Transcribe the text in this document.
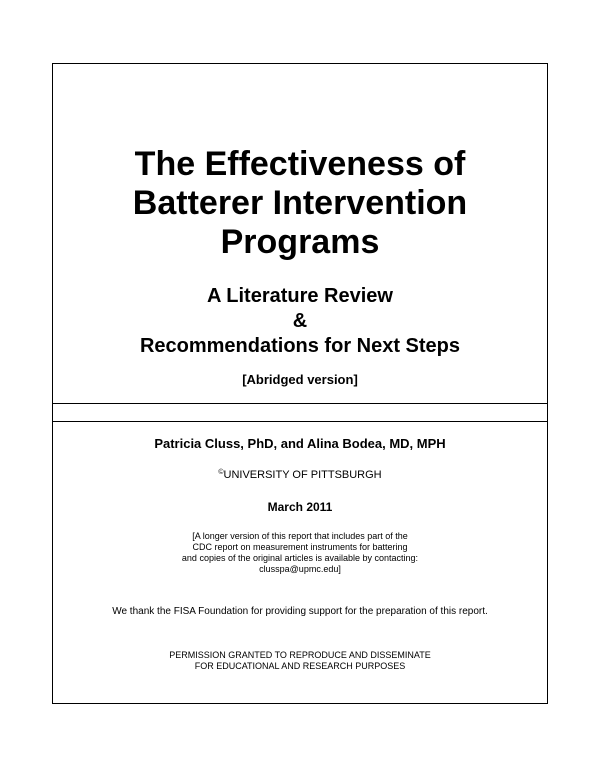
The Effectiveness of
Batterer Intervention
Programs
A Literature Review
&
Recommendations for Next Steps
[Abridged version]
Patricia Cluss, PhD, and Alina Bodea, MD, MPH
©UNIVERSITY OF PITTSBURGH
March 2011
[A longer version of this report that includes part of the
CDC report on measurement instruments for battering
and copies of the original articles is available by contacting:
clusspa@upmc.edu]
We thank the FISA Foundation for providing support for the preparation of this report.
PERMISSION GRANTED TO REPRODUCE AND DISSEMINATE
FOR EDUCATIONAL AND RESEARCH PURPOSES
